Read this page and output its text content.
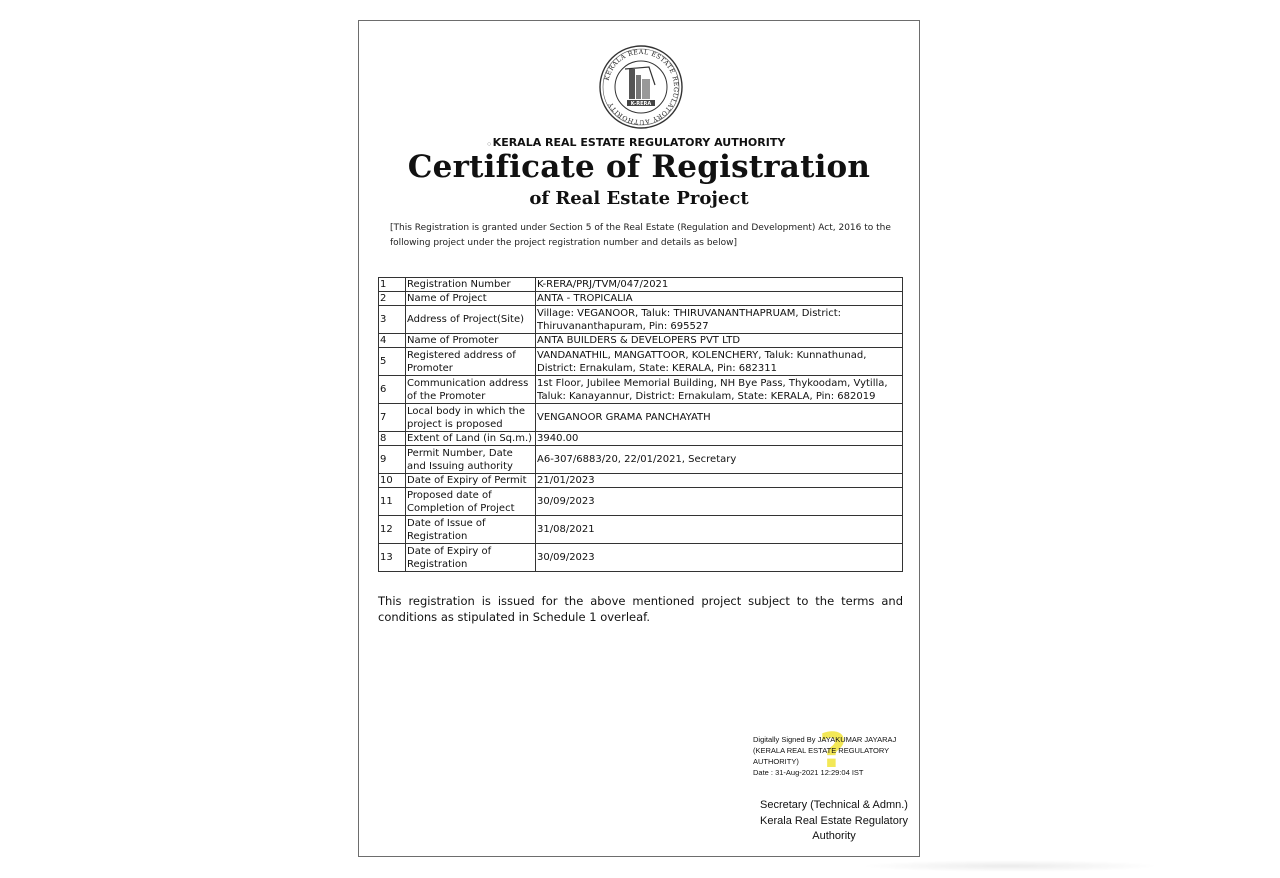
KERALA REAL ESTATE REGULATORY AUTHORITY	K-RERA
○ KERALA REAL ESTATE REGULATORY AUTHORITY
Certificate of Registration
of Real Estate Project
[This Registration is granted under Section 5 of the Real Estate (Regulation and Development) Act, 2016 to the following project under the project registration number and details as below]
1	Registration Number	K-RERA/PRJ/TVM/047/2021
2	Name of Project	ANTA - TROPICALIA
3	Address of Project(Site)	Village: VEGANOOR, Taluk: THIRUVANANTHAPRUAM, District: Thiruvananthapuram, Pin: 695527
4	Name of Promoter	ANTA BUILDERS & DEVELOPERS PVT LTD
5	Registered address of Promoter	VANDANATHIL, MANGATTOOR, KOLENCHERY, Taluk: Kunnathunad, District: Ernakulam, State: KERALA, Pin: 682311
6	Communication address of the Promoter	1st Floor, Jubilee Memorial Building, NH Bye Pass, Thykoodam, Vytilla, Taluk: Kanayannur, District: Ernakulam, State: KERALA, Pin: 682019
7	Local body in which the project is proposed	VENGANOOR GRAMA PANCHAYATH
8	Extent of Land (in Sq.m.)	3940.00
9	Permit Number, Date and Issuing authority	A6-307/6883/20, 22/01/2021, Secretary
10	Date of Expiry of Permit	21/01/2023
11	Proposed date of Completion of Project	30/09/2023
12	Date of Issue of Registration	31/08/2021
13	Date of Expiry of Registration	30/09/2023
This registration is issued for the above mentioned project subject to the terms and conditions as stipulated in Schedule 1 overleaf.
?
Digitally Signed By JAYAKUMAR JAYARAJ
(KERALA REAL ESTATE REGULATORY
AUTHORITY)
Date : 31-Aug-2021 12:29:04 IST
Secretary (Technical & Admn.)
Kerala Real Estate Regulatory
Authority
